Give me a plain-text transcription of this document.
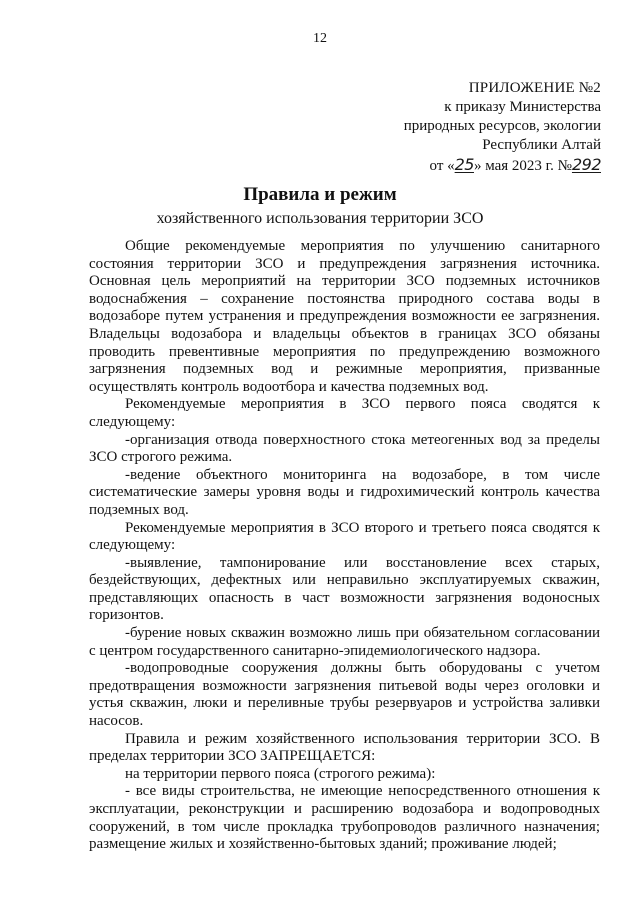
12
ПРИЛОЖЕНИЕ №2
к приказу Министерства
природных ресурсов, экологии
Республики Алтай
от «25» мая 2023 г. №292
Правила и режим
хозяйственного использования территории ЗСО

Общие рекомендуемые мероприятия по улучшению санитарного состояния территории ЗСО и предупреждения загрязнения источника. Основная цель мероприятий на территории ЗСО подземных источников водоснабжения – сохранение постоянства природного состава воды в водозаборе путем устранения и предупреждения возможности ее загрязнения. Владельцы водозабора и владельцы объектов в границах ЗСО обязаны проводить превентивные мероприятия по предупреждению возможного загрязнения подземных вод и режимные мероприятия, призванные осуществлять контроль водоотбора и качества подземных вод.

Рекомендуемые мероприятия в ЗСО первого пояса сводятся к следующему:

-организация отвода поверхностного стока метеогенных вод за пределы ЗСО строгого режима.

-ведение объектного мониторинга на водозаборе, в том числе систематические замеры уровня воды и гидрохимический контроль качества подземных вод.

Рекомендуемые мероприятия в ЗСО второго и третьего пояса сводятся к следующему:

-выявление, тампонирование или восстановление всех старых, бездействующих, дефектных или неправильно эксплуатируемых скважин, представляющих опасность в част возможности загрязнения водоносных горизонтов.

-бурение новых скважин возможно лишь при обязательном согласовании с центром государственного санитарно-эпидемиологического надзора.

-водопроводные сооружения должны быть оборудованы с учетом предотвращения возможности загрязнения питьевой воды через оголовки и устья скважин, люки и переливные трубы резервуаров и устройства заливки насосов.

Правила и режим хозяйственного использования территории ЗСО. В пределах территории ЗСО ЗАПРЕЩАЕТСЯ:

на территории первого пояса (строгого режима):

- все виды строительства, не имеющие непосредственного отношения к эксплуатации, реконструкции и расширению водозабора и водопроводных сооружений, в том числе прокладка трубопроводов различного назначения; размещение жилых и хозяйственно-бытовых зданий; проживание людей;
